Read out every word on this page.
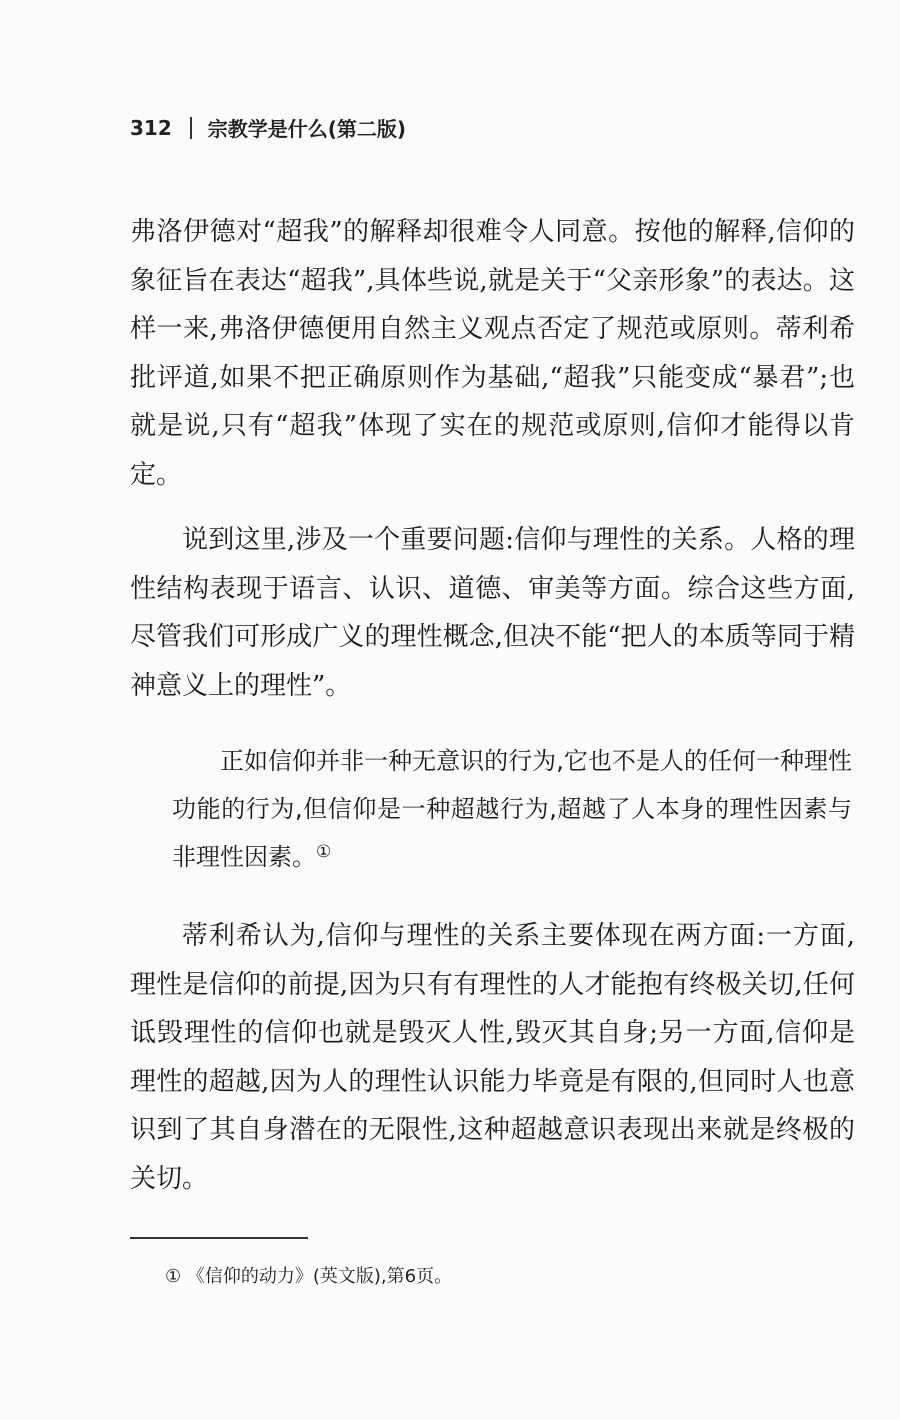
312 宗教学是什么(第二版)
弗洛伊德对“超我”的解释却很难令人同意。按他的解释,信仰的象征旨在表达“超我”,具体些说,就是关于“父亲形象”的表达。这样一来,弗洛伊德便用自然主义观点否定了规范或原则。蒂利希批评道,如果不把正确原则作为基础,“超我”只能变成“暴君”;也就是说,只有“超我”体现了实在的规范或原则,信仰才能得以肯定。
说到这里,涉及一个重要问题:信仰与理性的关系。人格的理性结构表现于语言、认识、道德、审美等方面。综合这些方面,尽管我们可形成广义的理性概念,但决不能“把人的本质等同于精神意义上的理性”。
正如信仰并非一种无意识的行为,它也不是人的任何一种理性功能的行为,但信仰是一种超越行为,超越了人本身的理性因素与非理性因素。①
蒂利希认为,信仰与理性的关系主要体现在两方面:一方面,理性是信仰的前提,因为只有有理性的人才能抱有终极关切,任何诋毁理性的信仰也就是毁灭人性,毁灭其自身;另一方面,信仰是理性的超越,因为人的理性认识能力毕竟是有限的,但同时人也意识到了其自身潜在的无限性,这种超越意识表现出来就是终极的关切。
① 《信仰的动力》(英文版),第6页。
